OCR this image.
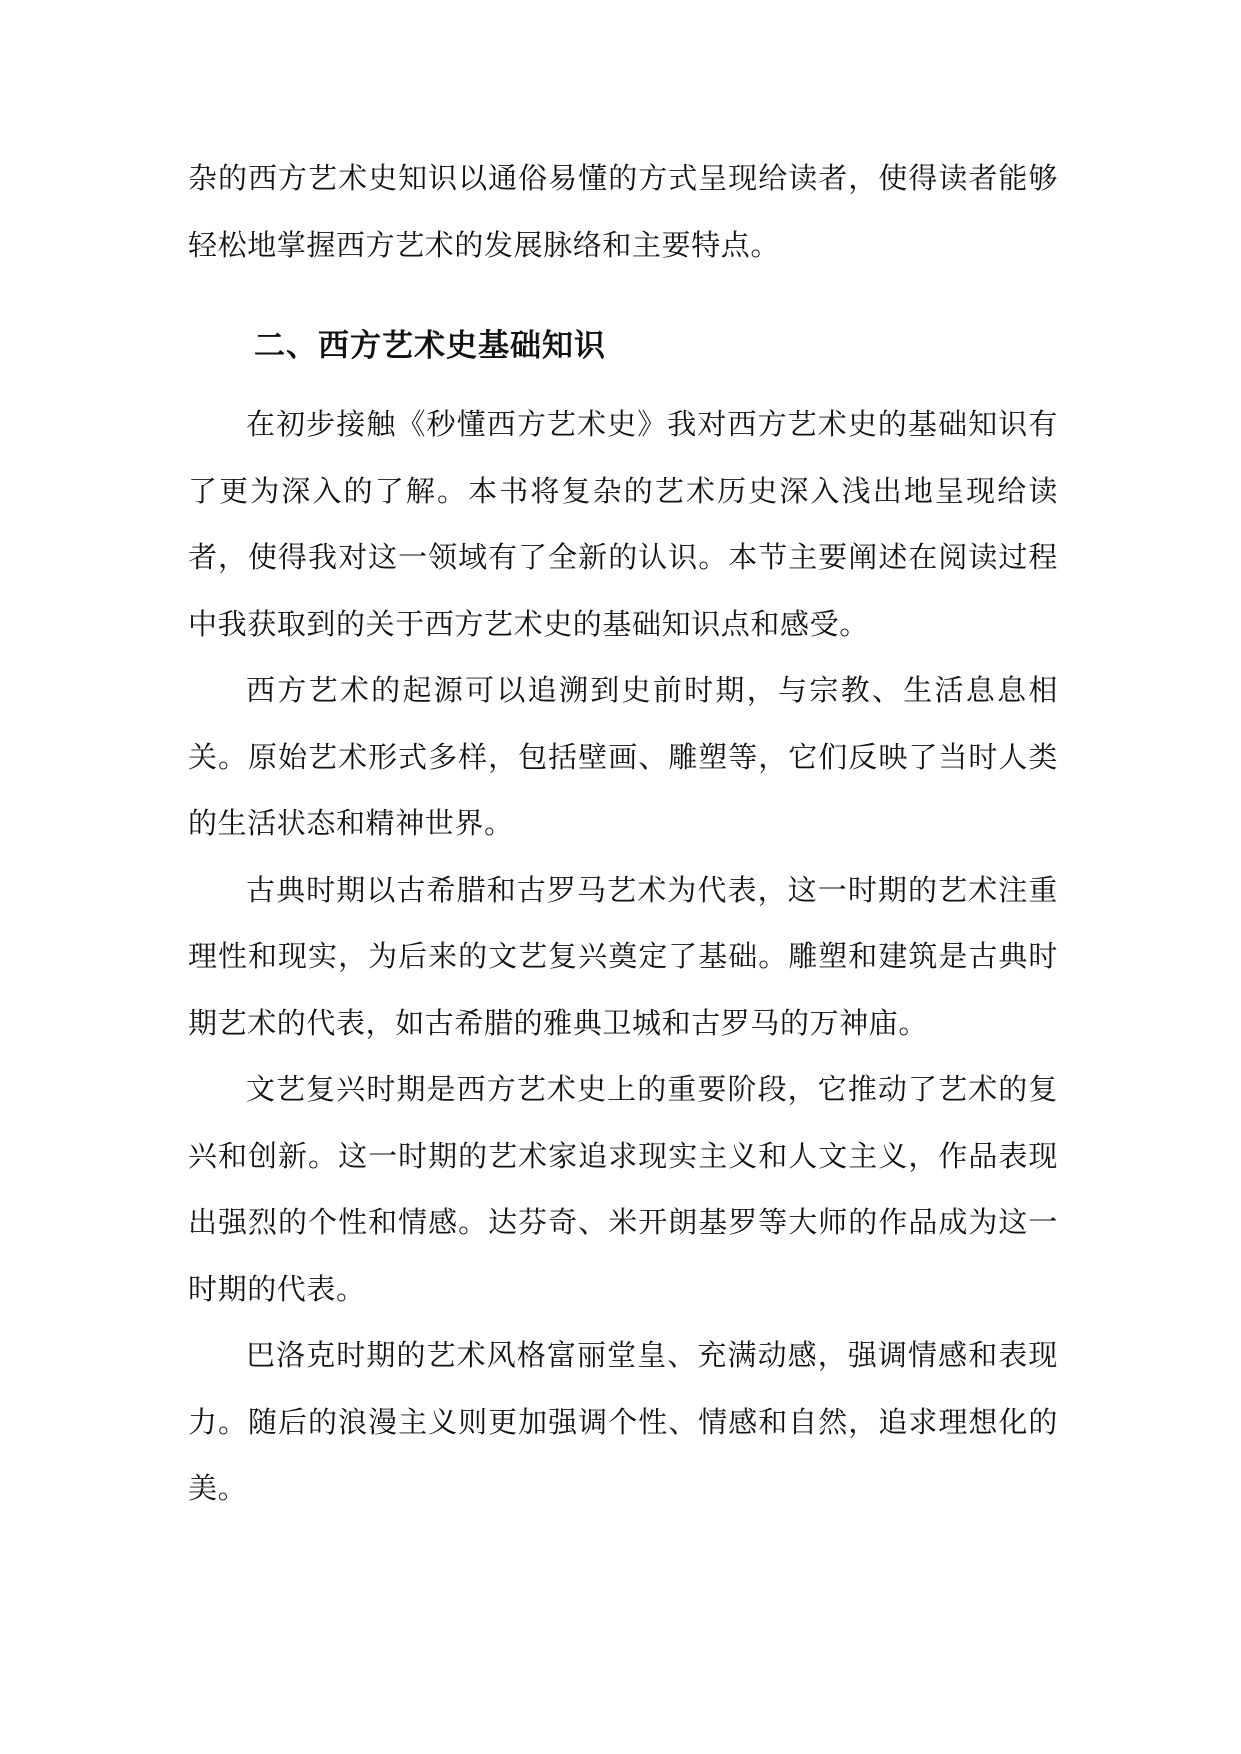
杂的西方艺术史知识以通俗易懂的方式呈现给读者，使得读者能够轻松地掌握西方艺术的发展脉络和主要特点。

二、西方艺术史基础知识

在初步接触《秒懂西方艺术史》我对西方艺术史的基础知识有了更为深入的了解。本书将复杂的艺术历史深入浅出地呈现给读者，使得我对这一领域有了全新的认识。本节主要阐述在阅读过程中我获取到的关于西方艺术史的基础知识点和感受。

西方艺术的起源可以追溯到史前时期，与宗教、生活息息相关。原始艺术形式多样，包括壁画、雕塑等，它们反映了当时人类的生活状态和精神世界。

古典时期以古希腊和古罗马艺术为代表，这一时期的艺术注重理性和现实，为后来的文艺复兴奠定了基础。雕塑和建筑是古典时期艺术的代表，如古希腊的雅典卫城和古罗马的万神庙。

文艺复兴时期是西方艺术史上的重要阶段，它推动了艺术的复兴和创新。这一时期的艺术家追求现实主义和人文主义，作品表现出强烈的个性和情感。达芬奇、米开朗基罗等大师的作品成为这一时期的代表。

巴洛克时期的艺术风格富丽堂皇、充满动感，强调情感和表现力。随后的浪漫主义则更加强调个性、情感和自然，追求理想化的美。
